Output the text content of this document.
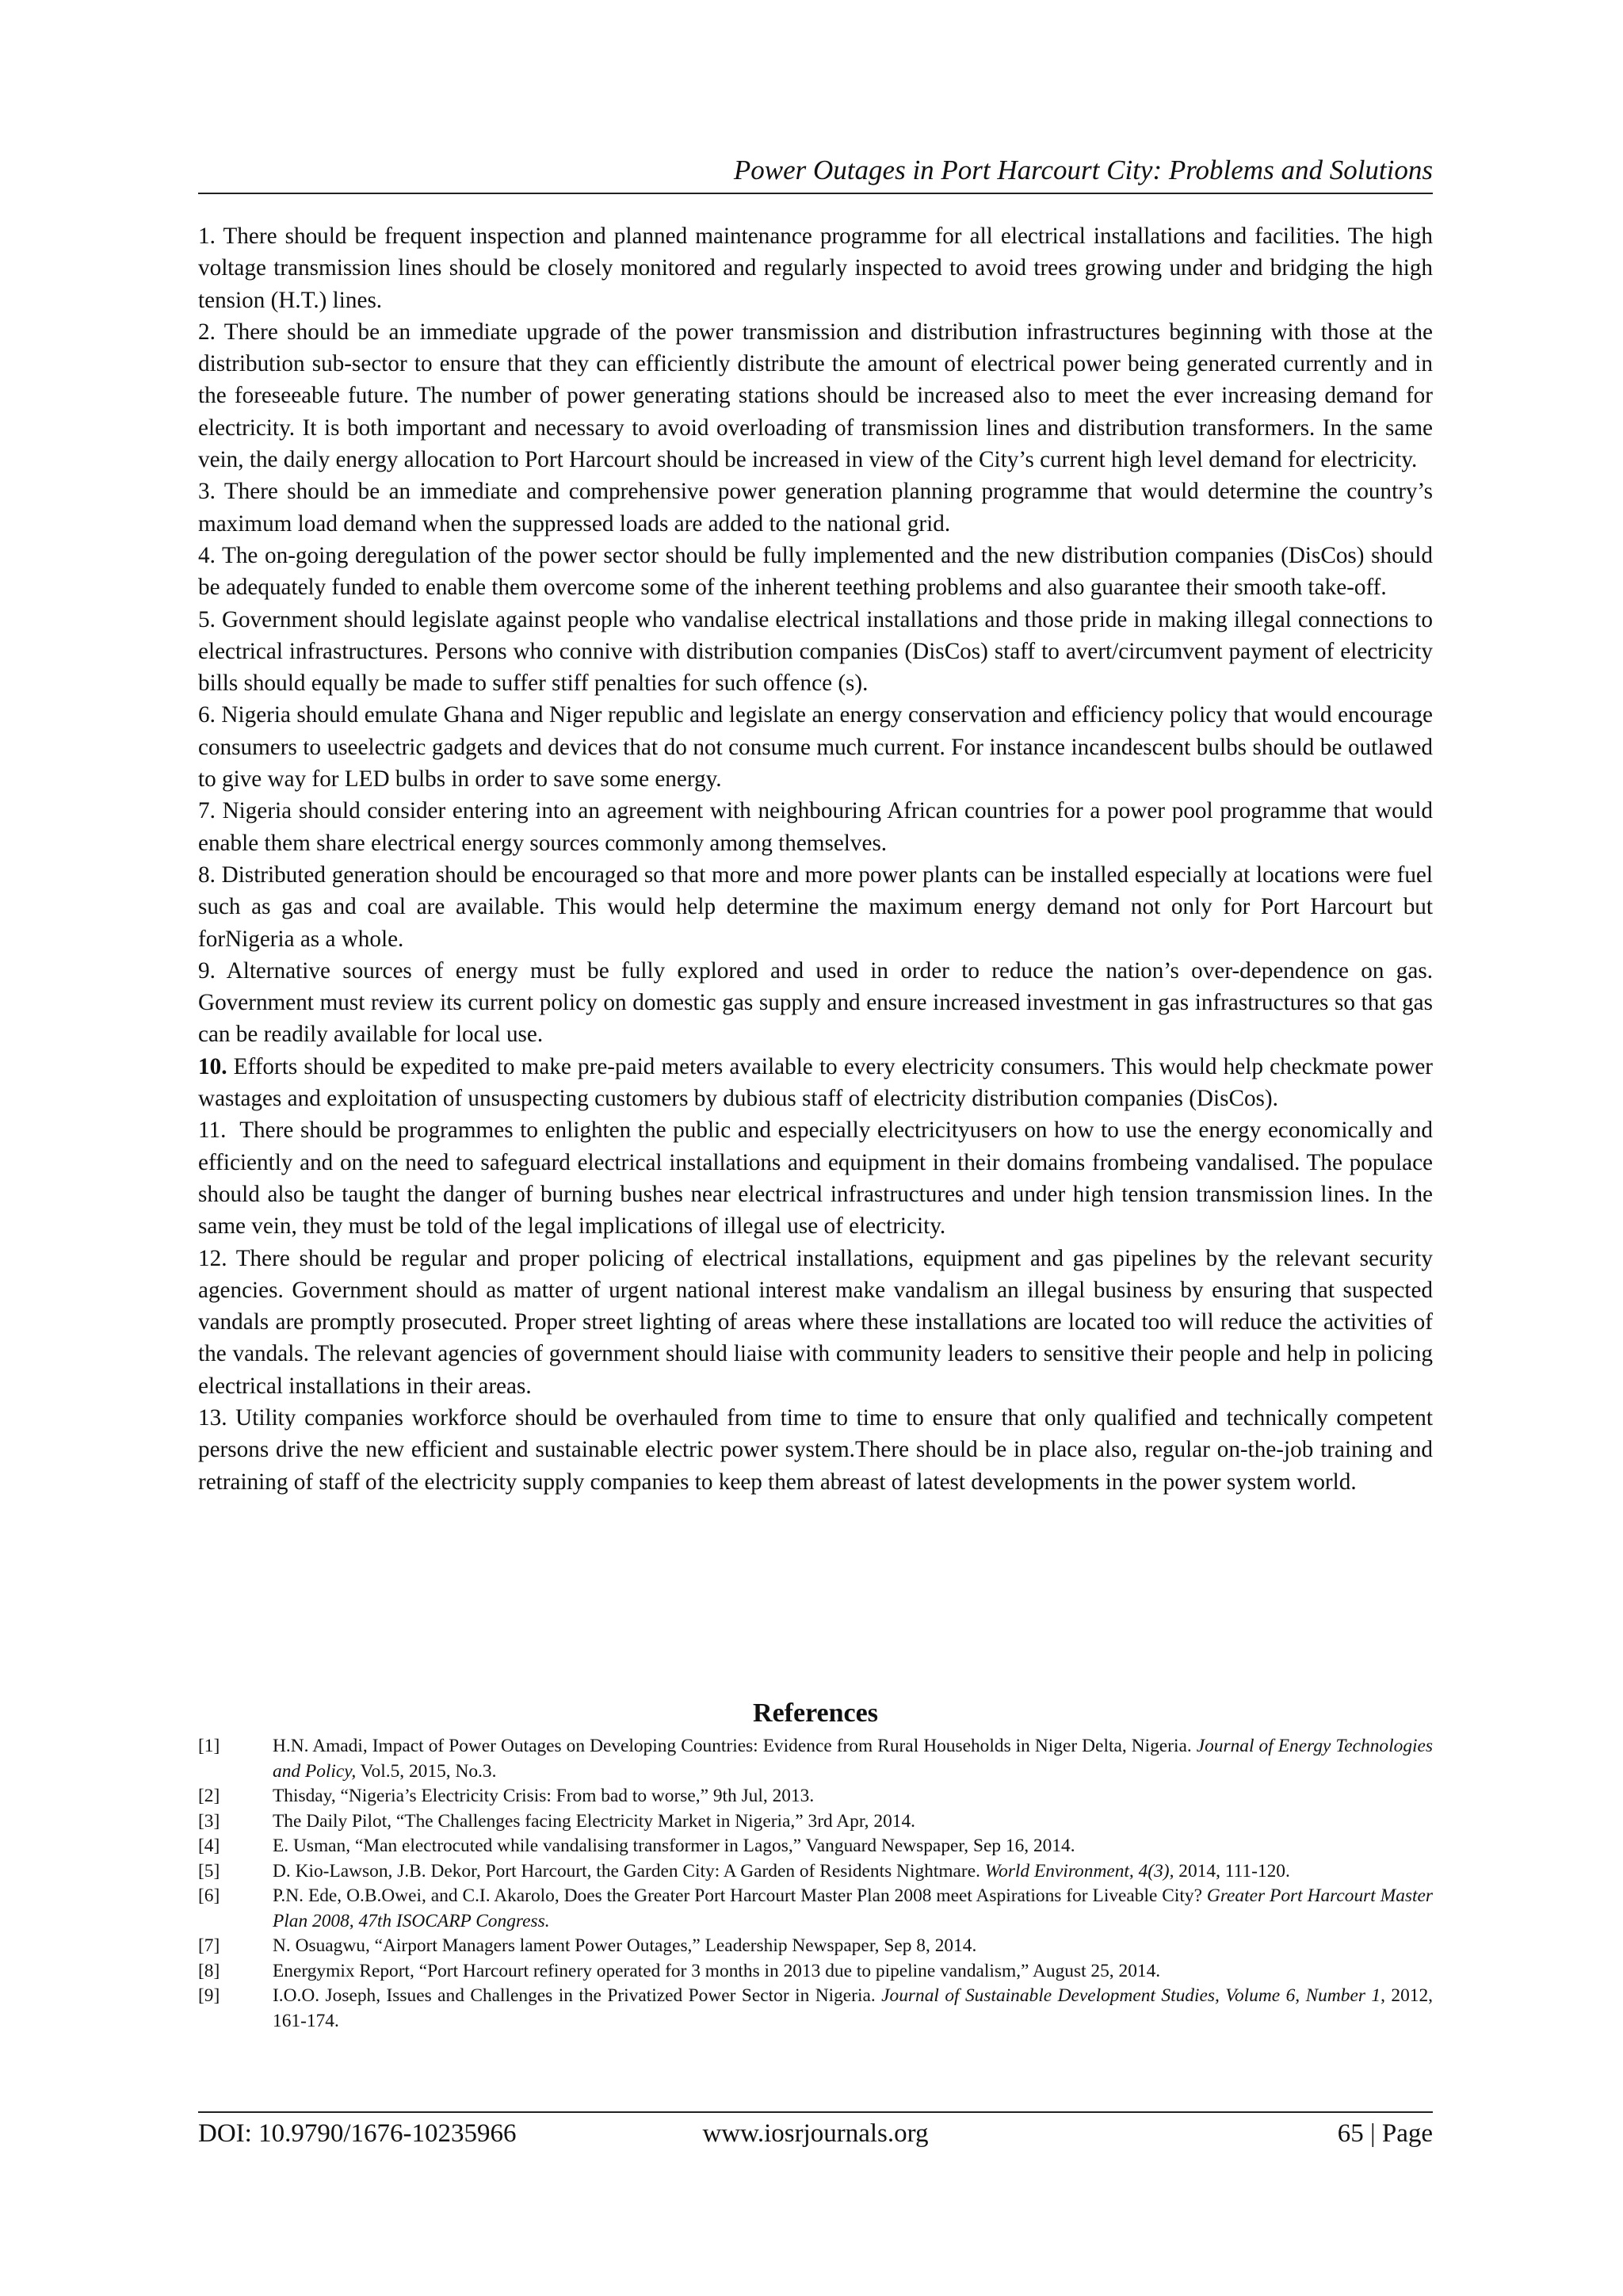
Power Outages in Port Harcourt City: Problems and Solutions

1. There should be frequent inspection and planned maintenance programme for all electrical installations and facilities. The high voltage transmission lines should be closely monitored and regularly inspected to avoid trees growing under and bridging the high tension (H.T.) lines.

2. There should be an immediate upgrade of the power transmission and distribution infrastructures beginning with those at the distribution sub-sector to ensure that they can efficiently distribute the amount of electrical power being generated currently and in the foreseeable future. The number of power generating stations should be increased also to meet the ever increasing demand for electricity. It is both important and necessary to avoid overloading of transmission lines and distribution transformers. In the same vein, the daily energy allocation to Port Harcourt should be increased in view of the City’s current high level demand for electricity.

3. There should be an immediate and comprehensive power generation planning programme that would determine the country’s maximum load demand when the suppressed loads are added to the national grid.

4. The on-going deregulation of the power sector should be fully implemented and the new distribution companies (DisCos) should be adequately funded to enable them overcome some of the inherent teething problems and also guarantee their smooth take-off.

5. Government should legislate against people who vandalise electrical installations and those pride in making illegal connections to electrical infrastructures. Persons who connive with distribution companies (DisCos) staff to avert/circumvent payment of electricity bills should equally be made to suffer stiff penalties for such offence (s).

6. Nigeria should emulate Ghana and Niger republic and legislate an energy conservation and efficiency policy that would encourage consumers to useelectric gadgets and devices that do not consume much current. For instance incandescent bulbs should be outlawed to give way for LED bulbs in order to save some energy.

7. Nigeria should consider entering into an agreement with neighbouring African countries for a power pool programme that would enable them share electrical energy sources commonly among themselves.

8. Distributed generation should be encouraged so that more and more power plants can be installed especially at locations were fuel such as gas and coal are available. This would help determine the maximum energy demand not only for Port Harcourt but forNigeria as a whole.

9. Alternative sources of energy must be fully explored and used in order to reduce the nation’s over-dependence on gas. Government must review its current policy on domestic gas supply and ensure increased investment in gas infrastructures so that gas can be readily available for local use.

10. Efforts should be expedited to make pre-paid meters available to every electricity consumers. This would help checkmate power wastages and exploitation of unsuspecting customers by dubious staff of electricity distribution companies (DisCos).

11. There should be programmes to enlighten the public and especially electricityusers on how to use the energy economically and efficiently and on the need to safeguard electrical installations and equipment in their domains frombeing vandalised. The populace should also be taught the danger of burning bushes near electrical infrastructures and under high tension transmission lines. In the same vein, they must be told of the legal implications of illegal use of electricity.

12. There should be regular and proper policing of electrical installations, equipment and gas pipelines by the relevant security agencies. Government should as matter of urgent national interest make vandalism an illegal business by ensuring that suspected vandals are promptly prosecuted. Proper street lighting of areas where these installations are located too will reduce the activities of the vandals. The relevant agencies of government should liaise with community leaders to sensitive their people and help in policing electrical installations in their areas.

13. Utility companies workforce should be overhauled from time to time to ensure that only qualified and technically competent persons drive the new efficient and sustainable electric power system.There should be in place also, regular on-the-job training and retraining of staff of the electricity supply companies to keep them abreast of latest developments in the power system world.

References
[1]	H.N. Amadi, Impact of Power Outages on Developing Countries: Evidence from Rural Households in Niger Delta, Nigeria. Journal of Energy Technologies and Policy, Vol.5, 2015, No.3.
[2]	Thisday, “Nigeria’s Electricity Crisis: From bad to worse,” 9th Jul, 2013.
[3]	The Daily Pilot, “The Challenges facing Electricity Market in Nigeria,” 3rd Apr, 2014.
[4]	E. Usman, “Man electrocuted while vandalising transformer in Lagos,” Vanguard Newspaper, Sep 16, 2014.
[5]	D. Kio-Lawson, J.B. Dekor, Port Harcourt, the Garden City: A Garden of Residents Nightmare. World Environment, 4(3), 2014, 111-120.
[6]	P.N. Ede, O.B.Owei, and C.I. Akarolo, Does the Greater Port Harcourt Master Plan 2008 meet Aspirations for Liveable City? Greater Port Harcourt Master Plan 2008, 47th ISOCARP Congress.
[7]	N. Osuagwu, “Airport Managers lament Power Outages,” Leadership Newspaper, Sep 8, 2014.
[8]	Energymix Report, “Port Harcourt refinery operated for 3 months in 2013 due to pipeline vandalism,” August 25, 2014.
[9]	I.O.O. Joseph, Issues and Challenges in the Privatized Power Sector in Nigeria. Journal of Sustainable Development Studies, Volume 6, Number 1, 2012, 161-174.
DOI: 10.9790/1676-10235966	www.iosrjournals.org	65 | Page
